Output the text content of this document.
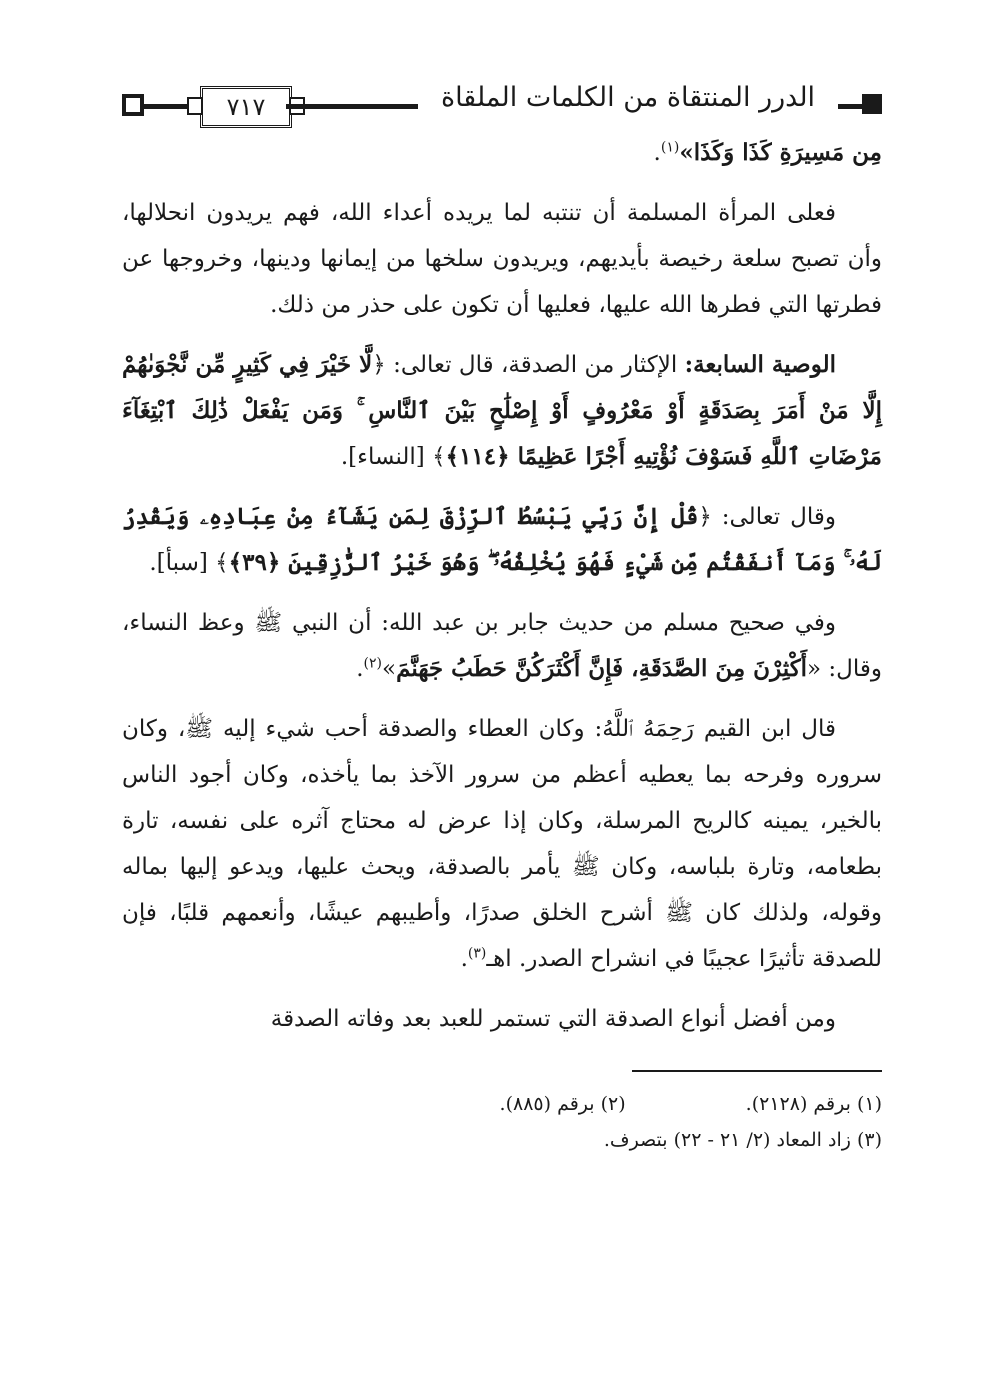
٧١٧	الدرر المنتقاة من الكلمات الملقاة

مِن مَسِيرَةِ كَذَا وَكَذَا»$^{(١)}$.

فعلى المرأة المسلمة أن تنتبه لما يريده أعداء الله، فهم يريدون انحلالها، وأن تصبح سلعة رخيصة بأيديهم، ويريدون سلخها من إيمانها ودينها، وخروجها عن فطرتها التي فطرها الله عليها، فعليها أن تكون على حذر من ذلك.

الوصية السابعة: الإكثار من الصدقة، قال تعالى: ﴿لَّا خَيْرَ فِي كَثِيرٍ مِّن نَّجْوَىٰهُمْ إِلَّا مَنْ أَمَرَ بِصَدَقَةٍ أَوْ مَعْرُوفٍ أَوْ إِصْلَٰحٍ بَيْنَ ٱلنَّاسِ ۚ وَمَن يَفْعَلْ ذَٰلِكَ ٱبْتِغَآءَ مَرْضَاتِ ٱللَّهِ فَسَوْفَ نُؤْتِيهِ أَجْرًا عَظِيمًا ﴿١١٤﴾﴾ [النساء].

وقال تعالى: ﴿قُلْ إِنَّ رَبِّي يَبْسُطُ ٱلرِّزْقَ لِمَن يَشَآءُ مِنْ عِبَادِهِۦ وَيَقْدِرُ لَهُۥ ۚ وَمَآ أَنفَقْتُم مِّن شَيْءٍ فَهُوَ يُخْلِفُهُۥ ۖ وَهُوَ خَيْرُ ٱلرَّٰزِقِينَ ﴿٣٩﴾﴾ [سبأ].

وفي صحيح مسلم من حديث جابر بن عبد الله: أن النبي ﷺ وعظ النساء، وقال: «أَكْثِرْنَ مِنَ الصَّدَقَةِ، فَإِنَّ أَكْثَرَكُنَّ حَطَبُ جَهَنَّمَ»$^{(٢)}$.

قال ابن القيم رَحِمَهُ ٱللَّهُ: وكان العطاء والصدقة أحب شيء إليه ﷺ، وكان سروره وفرحه بما يعطيه أعظم من سرور الآخذ بما يأخذه، وكان أجود الناس بالخير، يمينه كالريح المرسلة، وكان إذا عرض له محتاج آثره على نفسه، تارة بطعامه، وتارة بلباسه، وكان ﷺ يأمر بالصدقة، ويحث عليها، ويدعو إليها بماله وقوله، ولذلك كان ﷺ أشرح الخلق صدرًا، وأطيبهم عيشًا، وأنعمهم قلبًا، فإن للصدقة تأثيرًا عجيبًا في انشراح الصدر. اهـ$^{(٣)}$.

ومن أفضل أنواع الصدقة التي تستمر للعبد بعد وفاته الصدقة

(١) برقم (٢١٢٨).
(٢) برقم (٨٨٥).
(٣) زاد المعاد (٢/ ٢١ - ٢٢) بتصرف.
